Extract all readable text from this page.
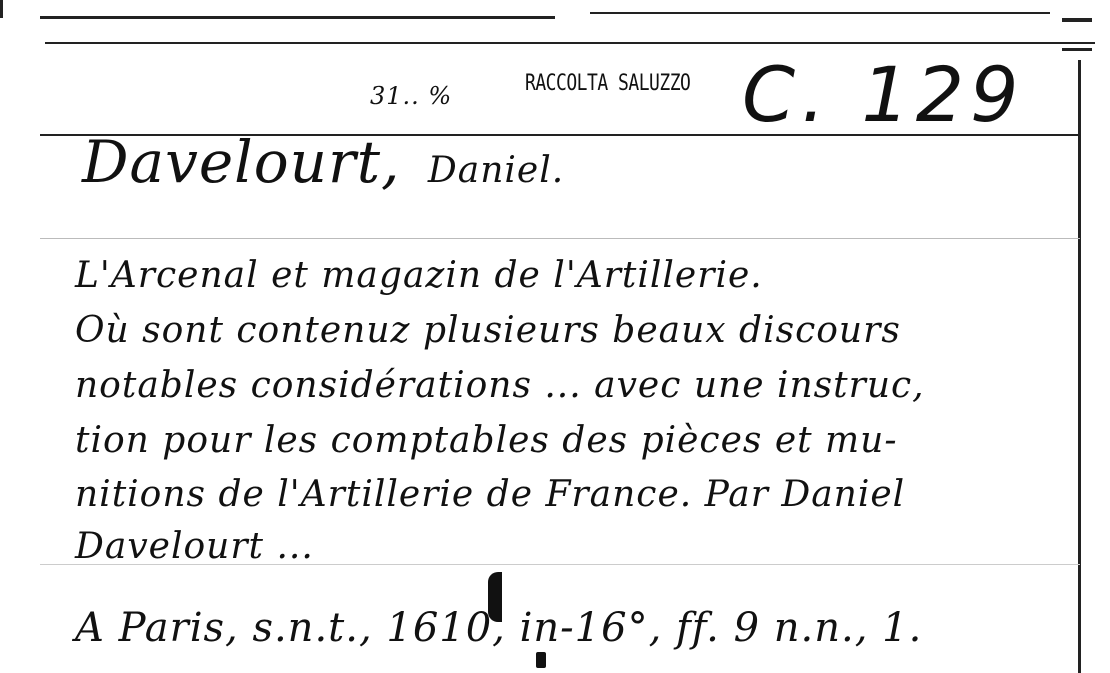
RACCOLTA SALUZZO C. 129
31.. %
Davelourt, Daniel.
L'Arcenal et magazin de l'Artillerie.
Où sont contenuz plusieurs beaux discours
notables considérations ... avec une instruc,
tion pour les comptables des pièces et mu-
nitions de l'Artillerie de France. Par Daniel
Davelourt ...
A Paris, s.n.t., 1610, in-16°, ff. 9 n.n., 1.
